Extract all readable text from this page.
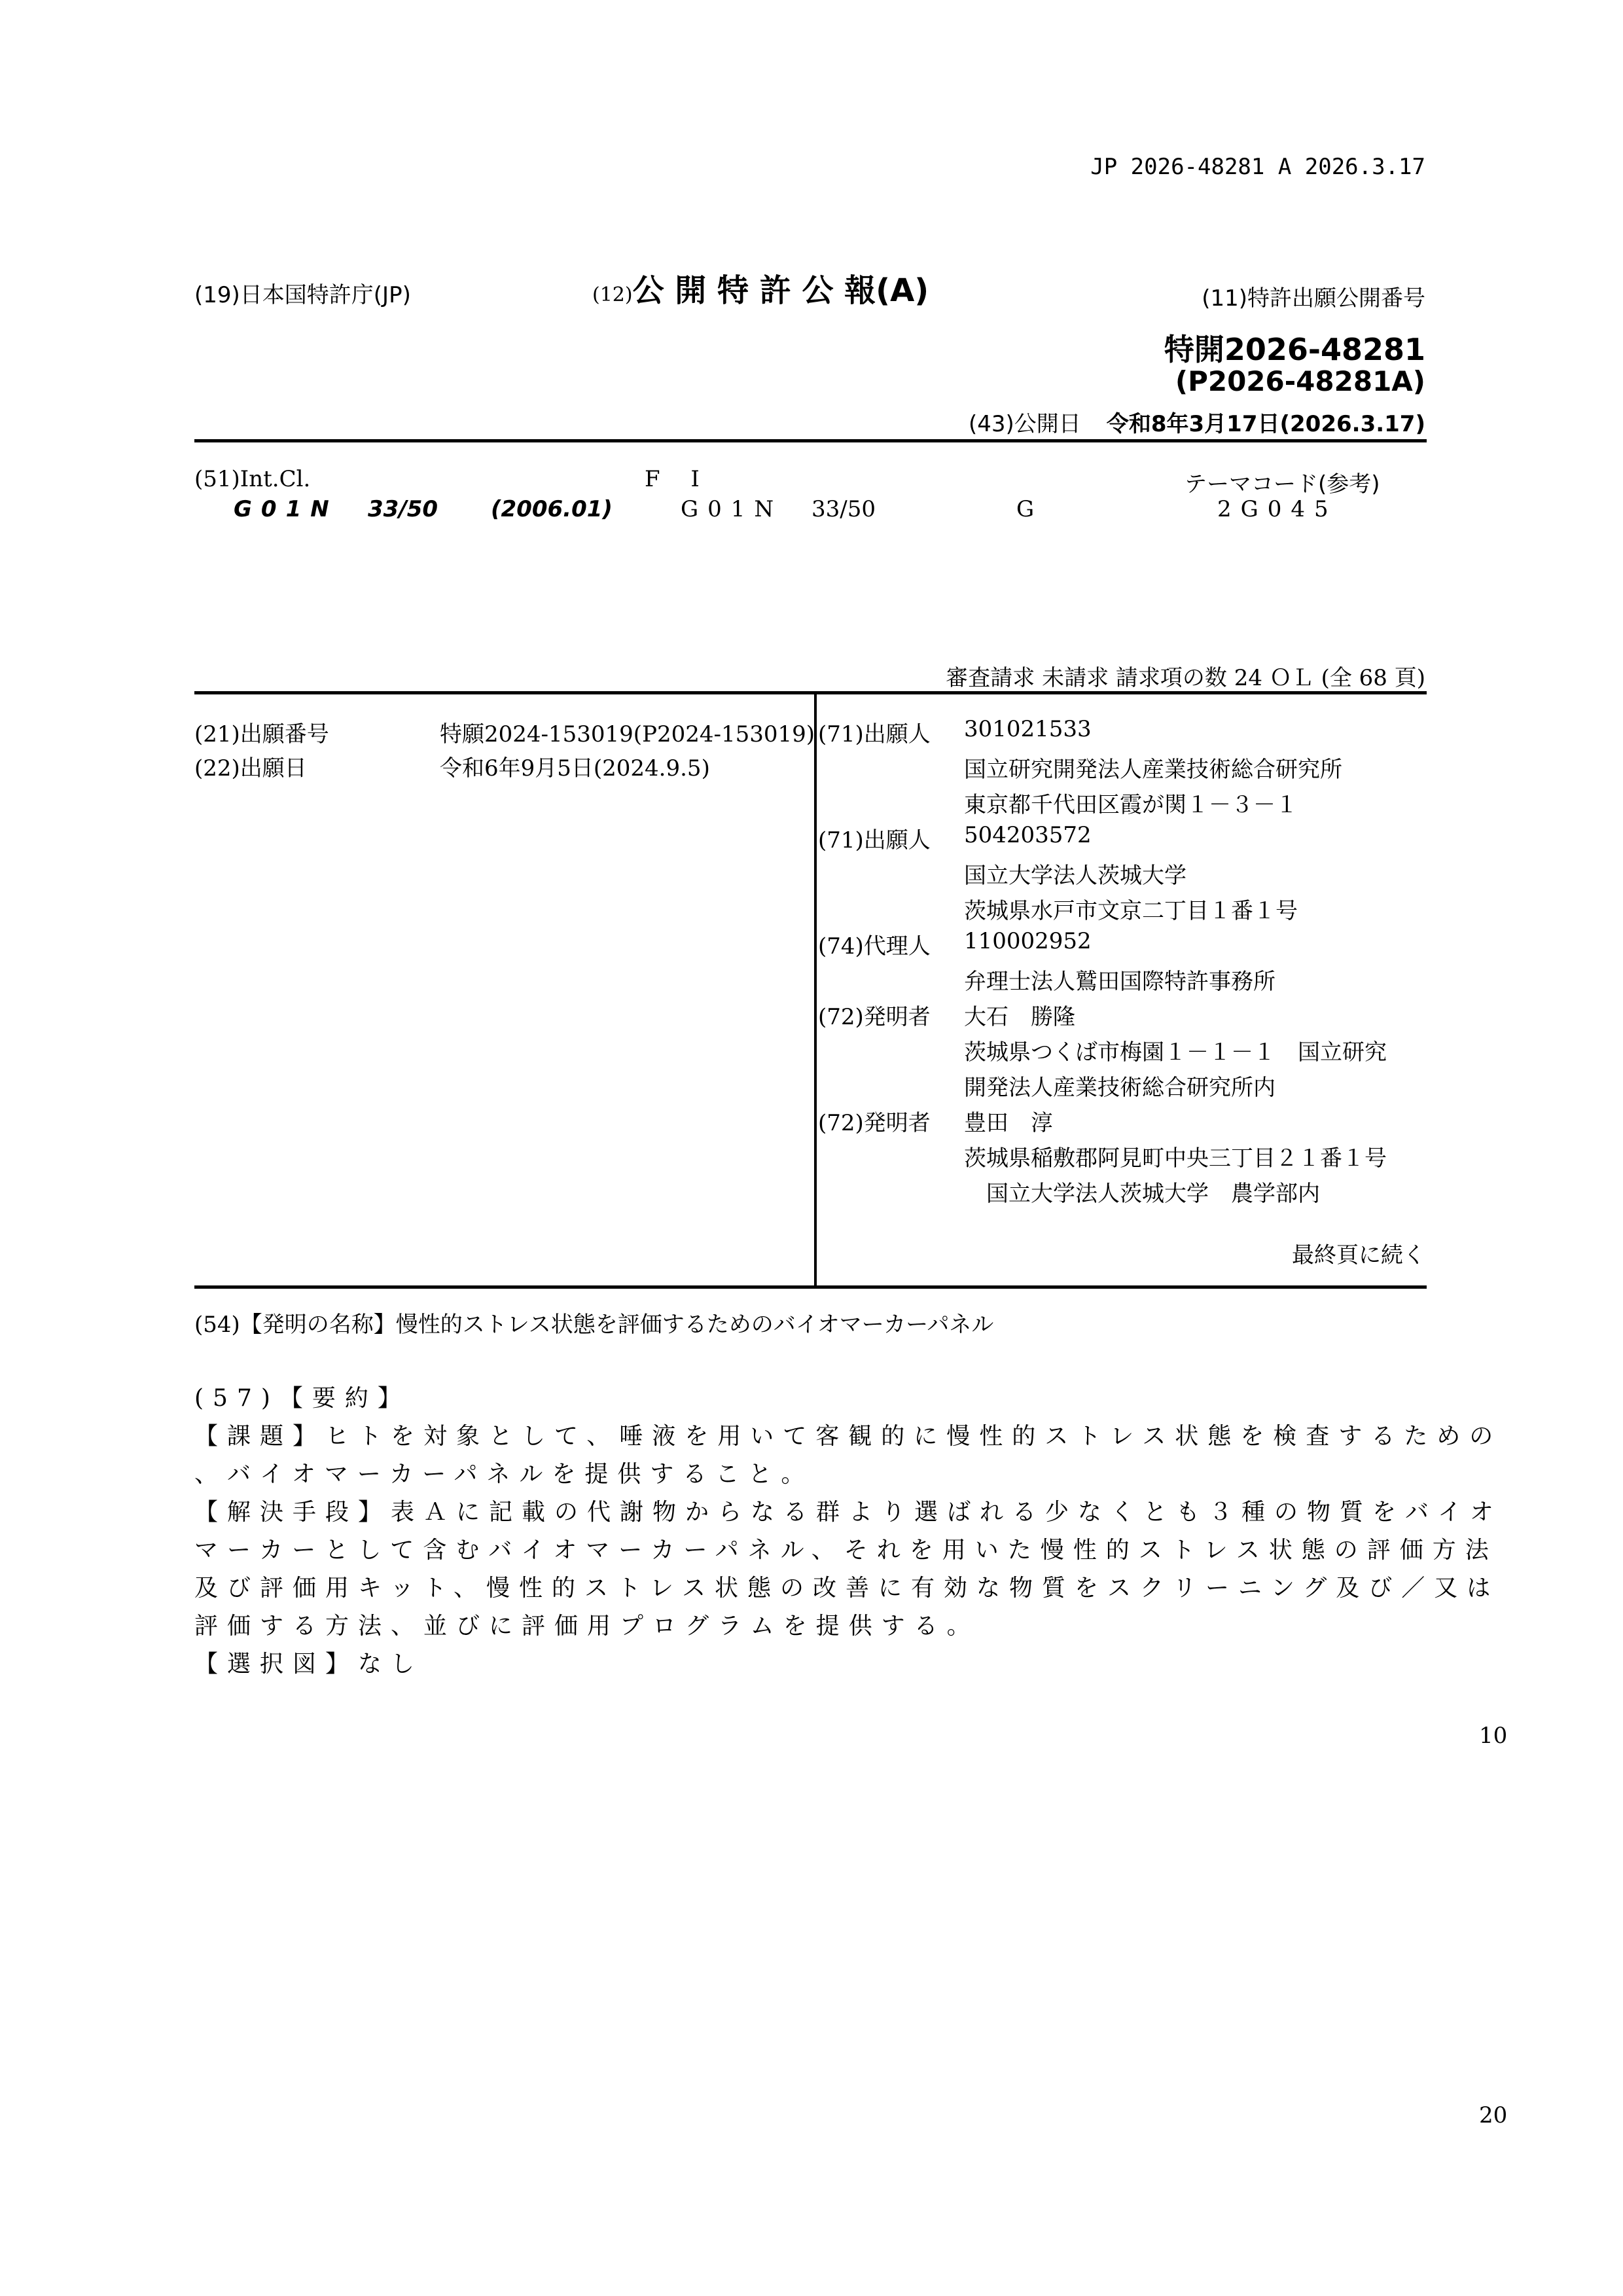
JP 2026-48281 A 2026.3.17
(19)日本国特許庁(JP)	(12)公 開 特 許 公 報(A)	(11)特許出願公開番号
特開2026-48281
(P2026-48281A)
(43)公開日 令和8年3月17日(2026.3.17)
(51)Int.Cl.	F I	テーマコード(参考)
G01N 33/50 (2006.01)	G01N 33/50	G	2G045
審査請求 未請求 請求項の数 24 ＯＬ (全 68 頁)
(21)出願番号	特願2024-153019(P2024-153019)
(22)出願日	令和6年9月5日(2024.9.5)
(71)出願人 301021533
国立研究開発法人産業技術総合研究所
東京都千代田区霞が関１－３－１
(71)出願人 504203572
国立大学法人茨城大学
茨城県水戸市文京二丁目１番１号
(74)代理人 110002952
弁理士法人鷲田国際特許事務所
(72)発明者 大石　勝隆
茨城県つくば市梅園１－１－１　国立研究
開発法人産業技術総合研究所内
(72)発明者 豊田　淳
茨城県稲敷郡阿見町中央三丁目２１番１号
　国立大学法人茨城大学　農学部内
最終頁に続く
(54)【発明の名称】慢性的ストレス状態を評価するためのバイオマーカーパネル
(57)【要約】
【課題】ヒトを対象として、唾液を用いて客観的に慢性的ストレス状態を検査するための
、バイオマーカーパネルを提供すること。
【解決手段】表Ａに記載の代謝物からなる群より選ばれる少なくとも３種の物質をバイオ
マーカーとして含むバイオマーカーパネル、それを用いた慢性的ストレス状態の評価方法
及び評価用キット、慢性的ストレス状態の改善に有効な物質をスクリーニング及び／又は
評価する方法、並びに評価用プログラムを提供する。
【選択図】なし
10
20
